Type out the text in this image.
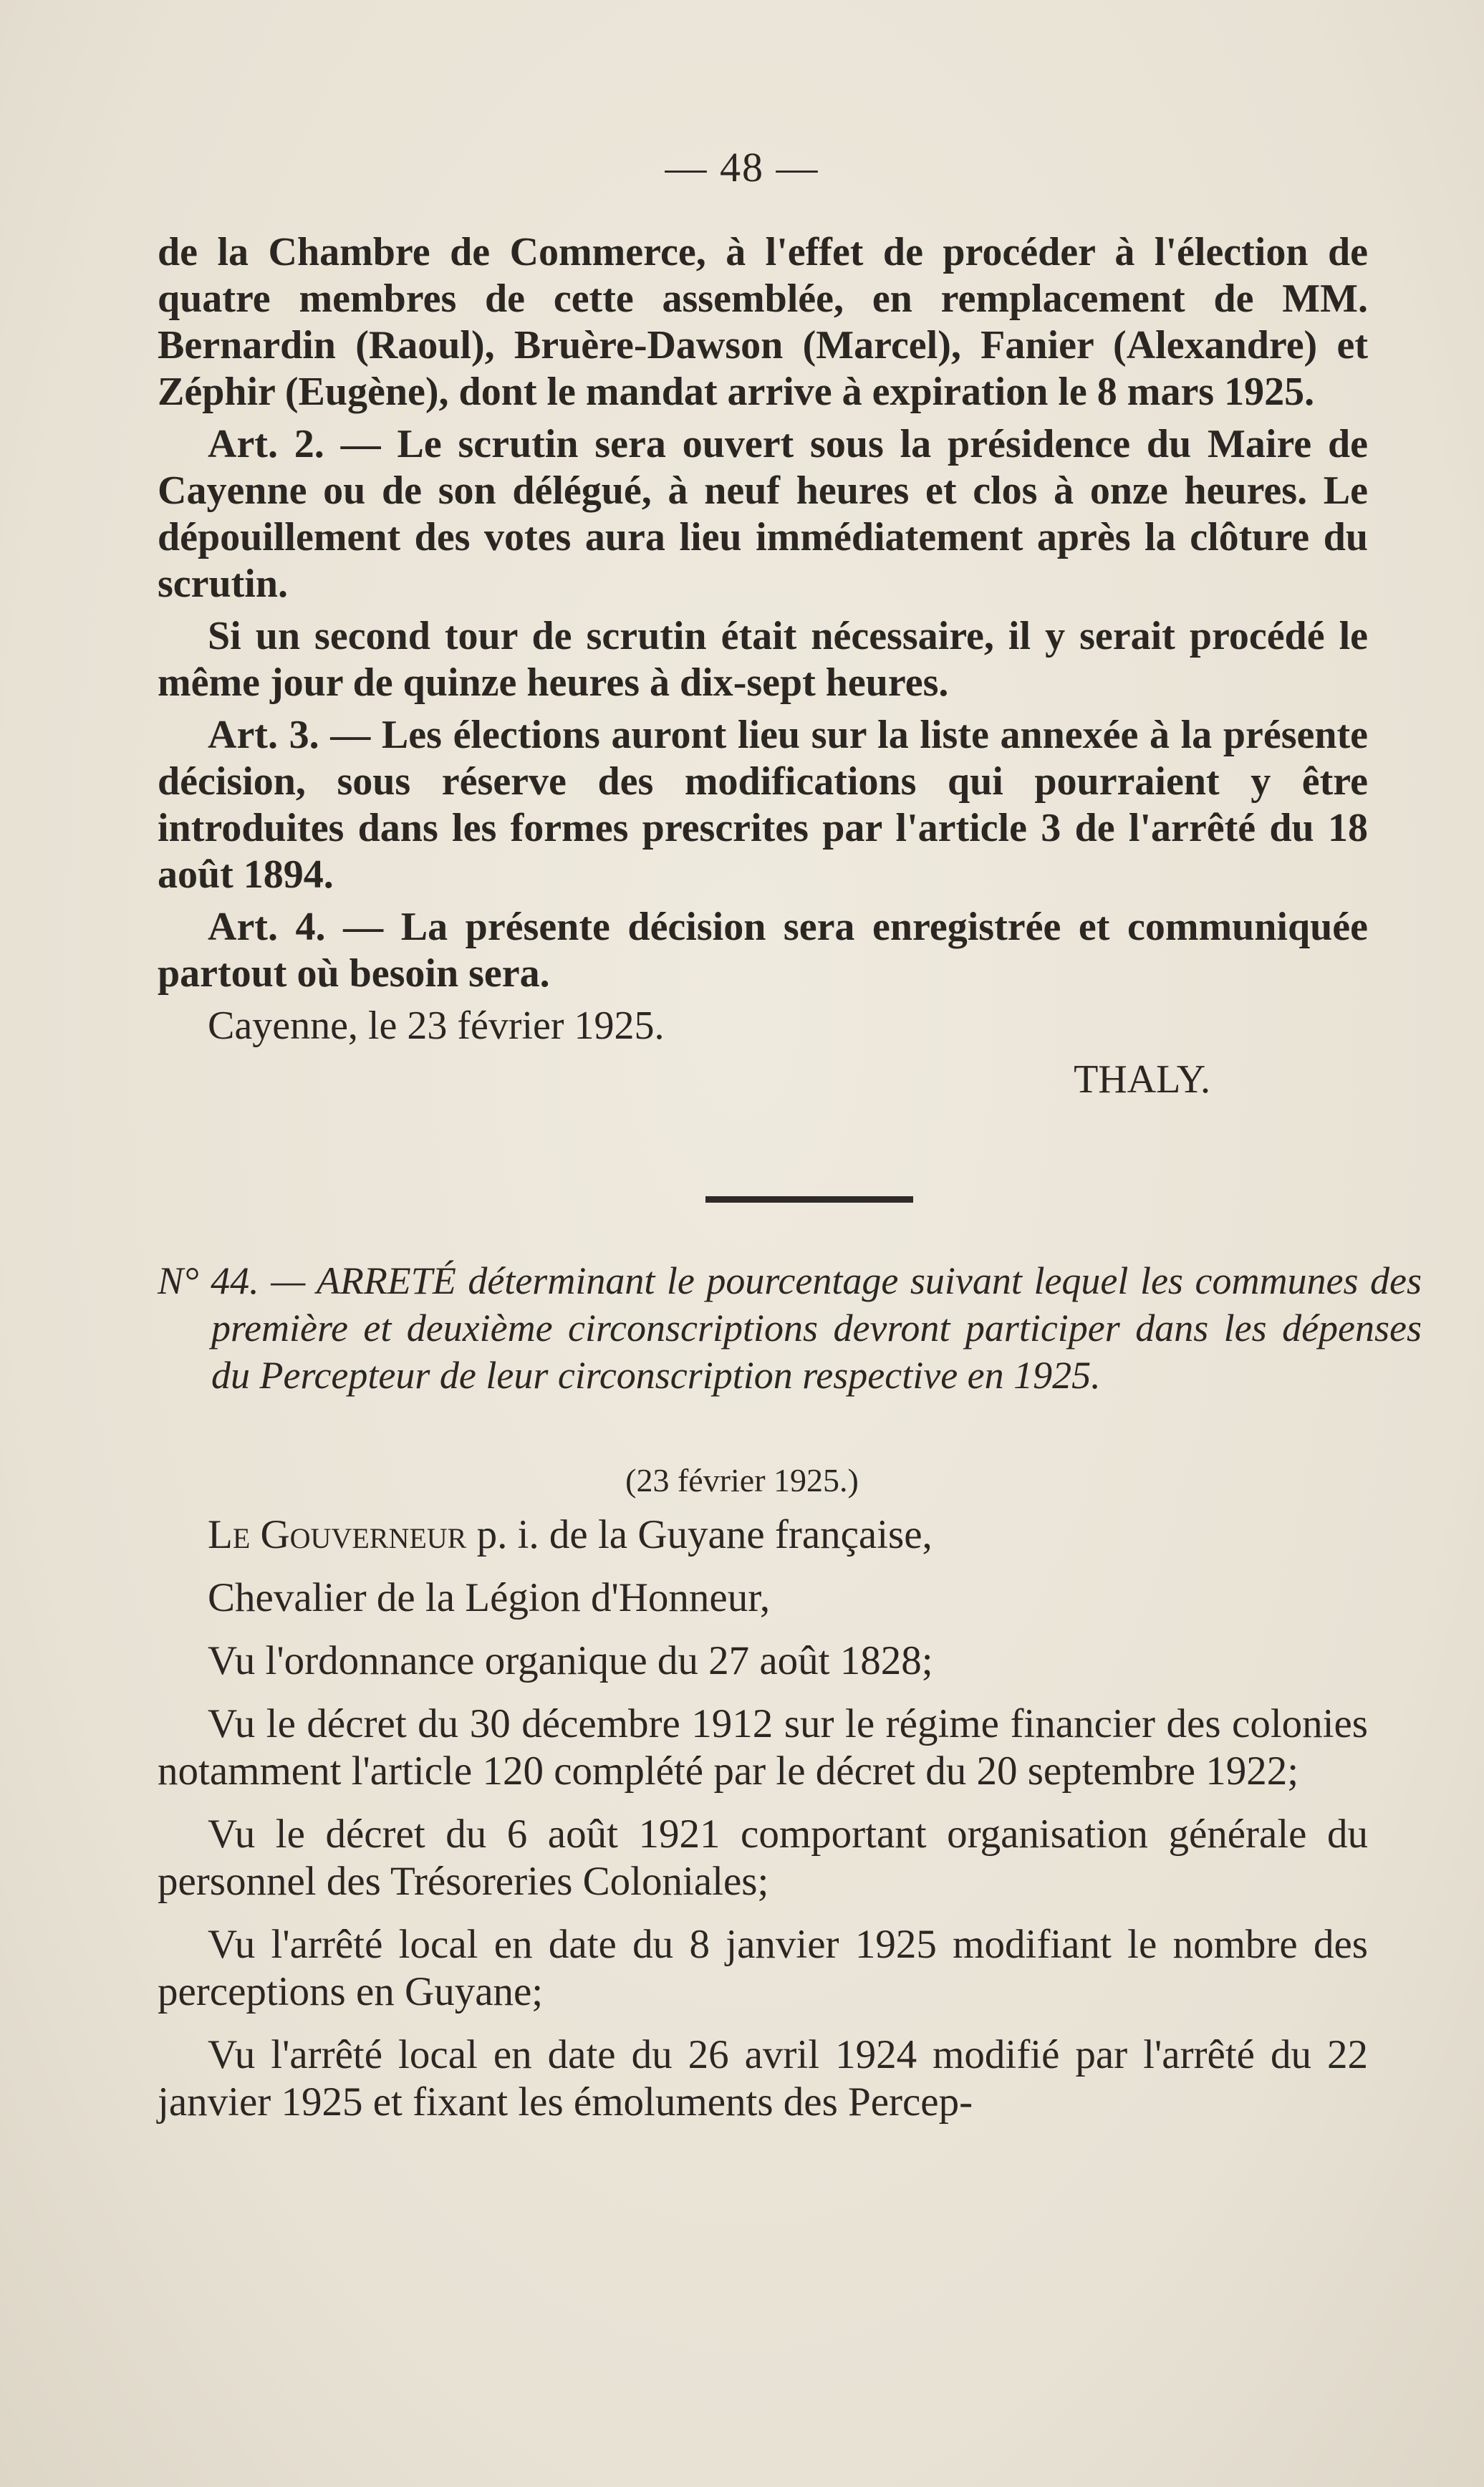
— 48 —

de la Chambre de Commerce, à l'effet de procéder à l'élection de quatre membres de cette assemblée, en remplacement de MM. Bernardin (Raoul), Bruère-Dawson (Marcel), Fanier (Alexandre) et Zéphir (Eugène), dont le mandat arrive à expiration le 8 mars 1925.

Art. 2. — Le scrutin sera ouvert sous la présidence du Maire de Cayenne ou de son délégué, à neuf heures et clos à onze heures. Le dépouillement des votes aura lieu immédiatement après la clôture du scrutin.

Si un second tour de scrutin était nécessaire, il y serait procédé le même jour de quinze heures à dix-sept heures.

Art. 3. — Les élections auront lieu sur la liste annexée à la présente décision, sous réserve des modifications qui pourraient y être introduites dans les formes prescrites par l'article 3 de l'arrêté du 18 août 1894.

Art. 4. — La présente décision sera enregistrée et communiquée partout où besoin sera.

Cayenne, le 23 février 1925.

THALY.

N° 44. — ARRETÉ déterminant le pourcentage suivant lequel les communes des première et deuxième circonscriptions devront participer dans les dépenses du Percepteur de leur circonscription respective en 1925.
(23 février 1925.)

Le Gouverneur p. i. de la Guyane française,

Chevalier de la Légion d'Honneur,

Vu l'ordonnance organique du 27 août 1828;

Vu le décret du 30 décembre 1912 sur le régime financier des colonies notamment l'article 120 complété par le décret du 20 septembre 1922;

Vu le décret du 6 août 1921 comportant organisation générale du personnel des Trésoreries Coloniales;

Vu l'arrêté local en date du 8 janvier 1925 modifiant le nombre des perceptions en Guyane;

Vu l'arrêté local en date du 26 avril 1924 modifié par l'arrêté du 22 janvier 1925 et fixant les émoluments des Percep-
